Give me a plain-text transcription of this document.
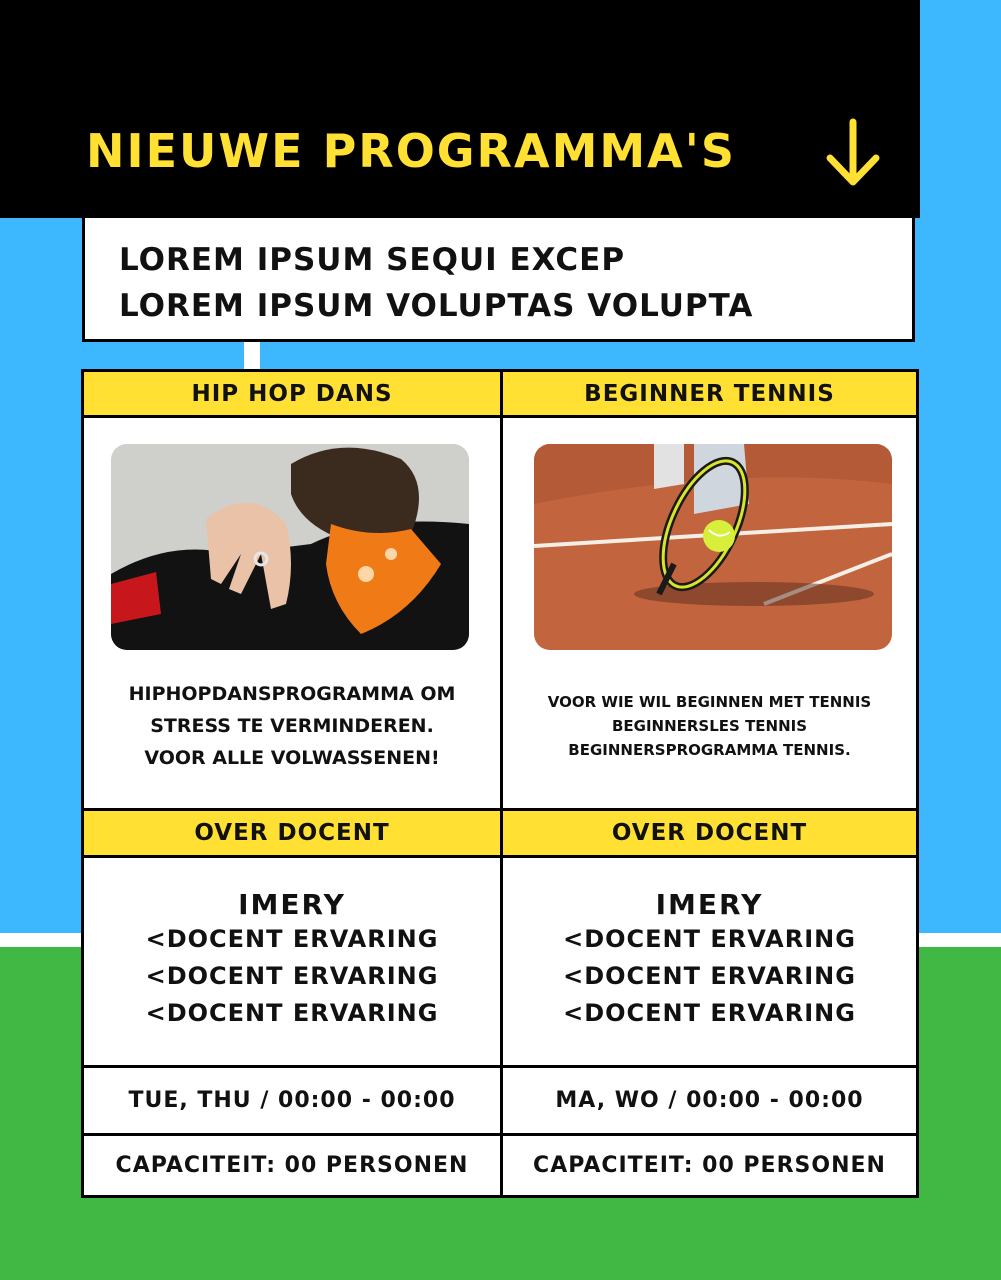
NIEUWE PROGRAMMA'S
LOREM IPSUM SEQUI EXCEP
LOREM IPSUM VOLUPTAS VOLUPTA
HIP HOP DANS
HIPHOPDANSPROGRAMMA OM
STRESS TE VERMINDEREN.
VOOR ALLE VOLWASSENEN!
OVER DOCENT
IMERY
<DOCENT ERVARING
<DOCENT ERVARING
<DOCENT ERVARING
TUE, THU / 00:00 - 00:00
CAPACITEIT: 00 PERSONEN
BEGINNER TENNIS
VOOR WIE WIL BEGINNEN MET TENNIS
BEGINNERSLES TENNIS
BEGINNERSPROGRAMMA TENNIS.
OVER DOCENT
IMERY
<DOCENT ERVARING
<DOCENT ERVARING
<DOCENT ERVARING
MA, WO / 00:00 - 00:00
CAPACITEIT: 00 PERSONEN
